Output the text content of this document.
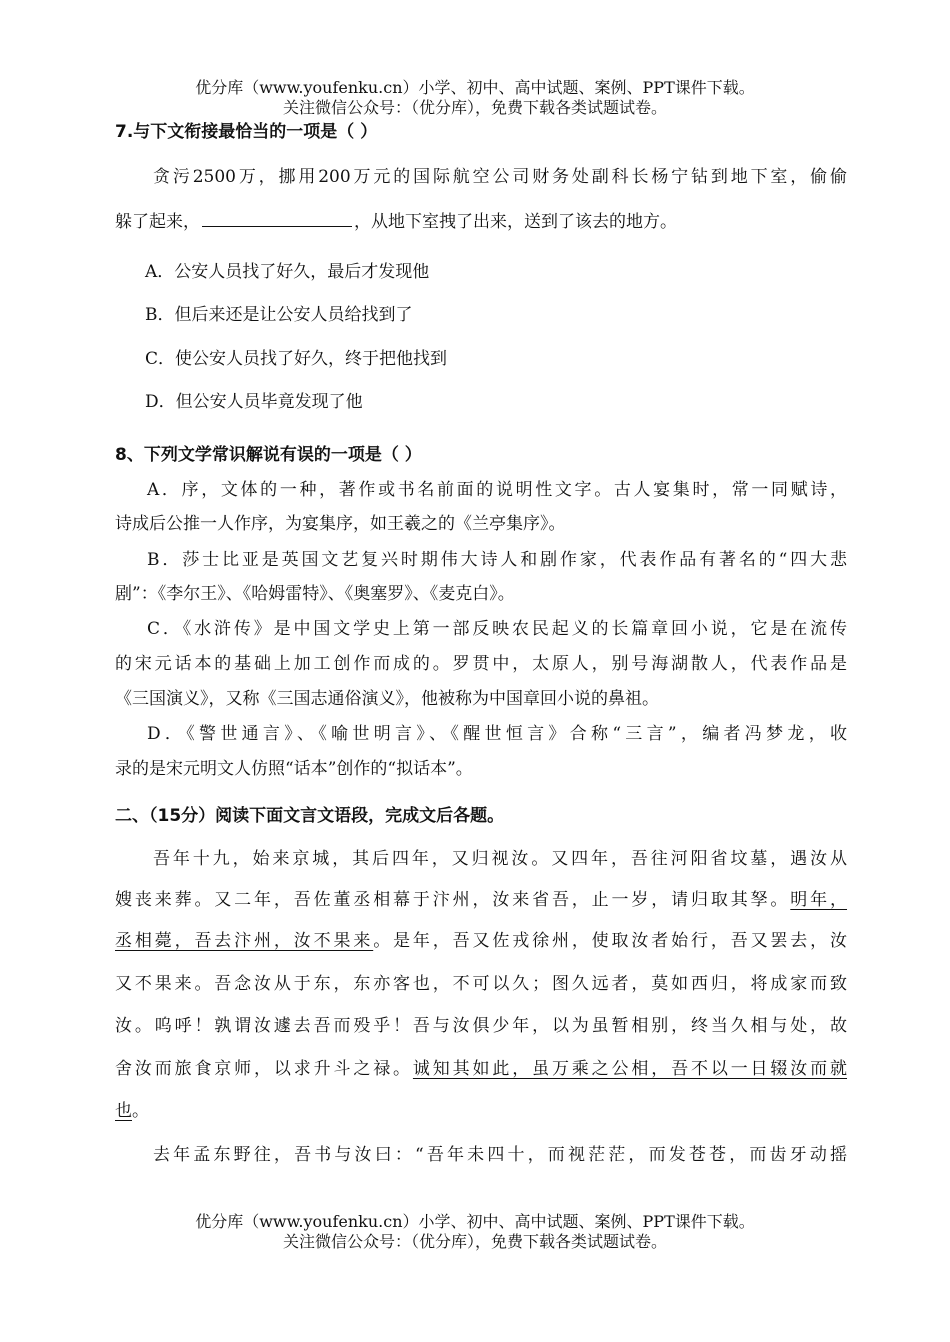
优分库（www.youfenku.cn）小学、初中、高中试题、案例、PPT课件下载。
关注微信公众号：（优分库），免费下载各类试题试卷。
7.与下文衔接最恰当的一项是（ ）
贪污2500万，挪用200万元的国际航空公司财务处副科长杨宁钻到地下室，偷偷
躲了起来，	，从地下室拽了出来，送到了该去的地方。
A．公安人员找了好久，最后才发现他
B．但后来还是让公安人员给找到了
C．使公安人员找了好久，终于把他找到
D．但公安人员毕竟发现了他
8、下列文学常识解说有误的一项是（ ）
A．序，文体的一种，著作或书名前面的说明性文字。古人宴集时，常一同赋诗，
诗成后公推一人作序，为宴集序，如王羲之的《兰亭集序》。
B．莎士比亚是英国文艺复兴时期伟大诗人和剧作家，代表作品有著名的“四大悲
剧”：《李尔王》、《哈姆雷特》、《奥塞罗》、《麦克白》。
C．《水浒传》是中国文学史上第一部反映农民起义的长篇章回小说，它是在流传
的宋元话本的基础上加工创作而成的。罗贯中，太原人，别号海湖散人，代表作品是
《三国演义》，又称《三国志通俗演义》，他被称为中国章回小说的鼻祖。
D．《警世通言》、《喻世明言》、《醒世恒言》合称“三言”，编者冯梦龙，收
录的是宋元明文人仿照“话本”创作的“拟话本”。
二、（15分）阅读下面文言文语段，完成文后各题。
吾年十九，始来京城，其后四年，又归视汝。又四年，吾往河阳省坟墓，遇汝从
嫂丧来葬。又二年，吾佐董丞相幕于汴州，汝来省吾，止一岁，请归取其孥。明年，
丞相薨，吾去汴州，汝不果来。是年，吾又佐戎徐州，使取汝者始行，吾又罢去，汝
又不果来。吾念汝从于东，东亦客也，不可以久；图久远者，莫如西归，将成家而致
汝。呜呼！孰谓汝遽去吾而殁乎！吾与汝俱少年，以为虽暂相别，终当久相与处，故
舍汝而旅食京师，以求升斗之禄。诚知其如此，虽万乘之公相，吾不以一日辍汝而就
也。
去年孟东野往，吾书与汝曰：“吾年未四十，而视茫茫，而发苍苍，而齿牙动摇
优分库（www.youfenku.cn）小学、初中、高中试题、案例、PPT课件下载。
关注微信公众号：（优分库），免费下载各类试题试卷。
